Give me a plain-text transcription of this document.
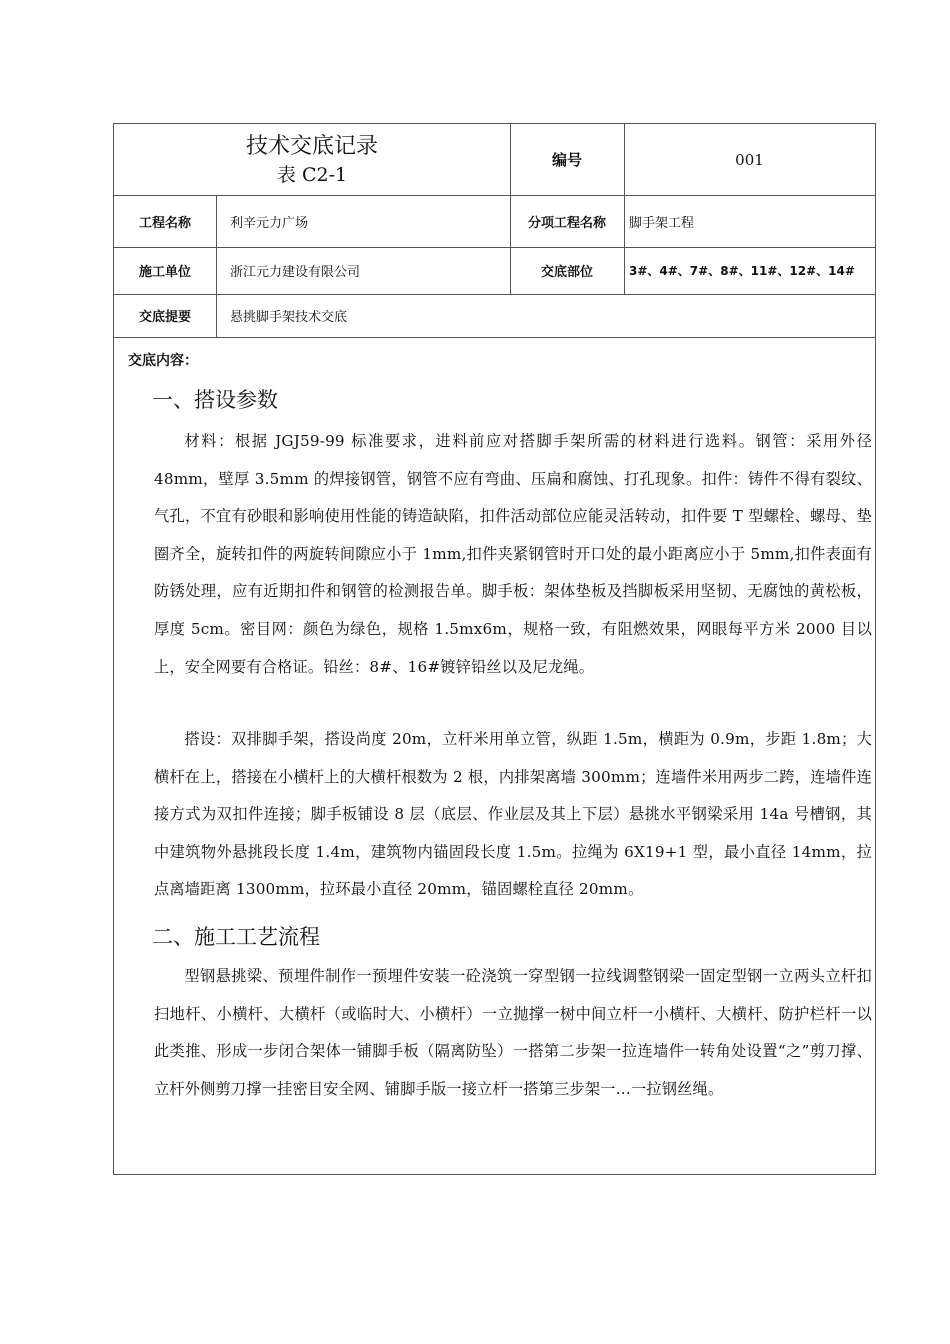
技术交底记录
表 C2-1
编号	001
工程名称	利辛元力广场	分项工程名称	脚手架工程
施工单位	浙江元力建设有限公司	交底部位	3#、4#、7#、8#、11#、12#、14#
交底提要	悬挑脚手架技术交底
交底内容：
一、搭设参数

材料：根据 JGJ59-99 标准要求，进料前应对搭脚手架所需的材料进行选料。钢管：采用外径 48mm，壁厚 3.5mm 的焊接钢管，钢管不应有弯曲、压扁和腐蚀、打孔现象。扣件：铸件不得有裂纹、气孔，不宜有砂眼和影响使用性能的铸造缺陷，扣件活动部位应能灵活转动，扣件要 T 型螺栓、螺母、垫圈齐全，旋转扣件的两旋转间隙应小于 1mm,扣件夹紧钢管时开口处的最小距离应小于 5mm,扣件表面有防锈处理，应有近期扣件和钢管的检测报告单。脚手板：架体垫板及挡脚板采用坚韧、无腐蚀的黄松板，厚度 5cm。密目网：颜色为绿色，规格 1.5mx6m，规格一致，有阻燃效果，网眼每平方米 2000 目以上，安全网要有合格证。铅丝：8#、16#镀锌铅丝以及尼龙绳。

搭设：双排脚手架，搭设尚度 20m，立杆米用单立管，纵距 1.5m，横距为 0.9m，步距 1.8m；大横杆在上，搭接在小横杆上的大横杆根数为 2 根，内排架离墙 300mm；连墙件米用两步二跨，连墙件连接方式为双扣件连接；脚手板铺设 8 层（底层、作业层及其上下层）悬挑水平钢梁采用 14a 号槽钢，其中建筑物外悬挑段长度 1.4m，建筑物内锚固段长度 1.5m。拉绳为 6X19+1 型，最小直径 14mm，拉点离墙距离 1300mm，拉环最小直径 20mm，锚固螺栓直径 20mm。

二、施工工艺流程

型钢悬挑梁、预埋件制作一预埋件安装一砼浇筑一穿型钢一拉线调整钢梁一固定型钢一立两头立杆扣扫地杆、小横杆、大横杆（或临时大、小横杆）一立抛撑一树中间立杆一小横杆、大横杆、防护栏杆一以此类推、形成一步闭合架体一铺脚手板（隔离防坠）一搭第二步架一拉连墙件一转角处设置“之”剪刀撑、立杆外侧剪刀撑一挂密目安全网、铺脚手版一接立杆一搭第三步架一…一拉钢丝绳。
